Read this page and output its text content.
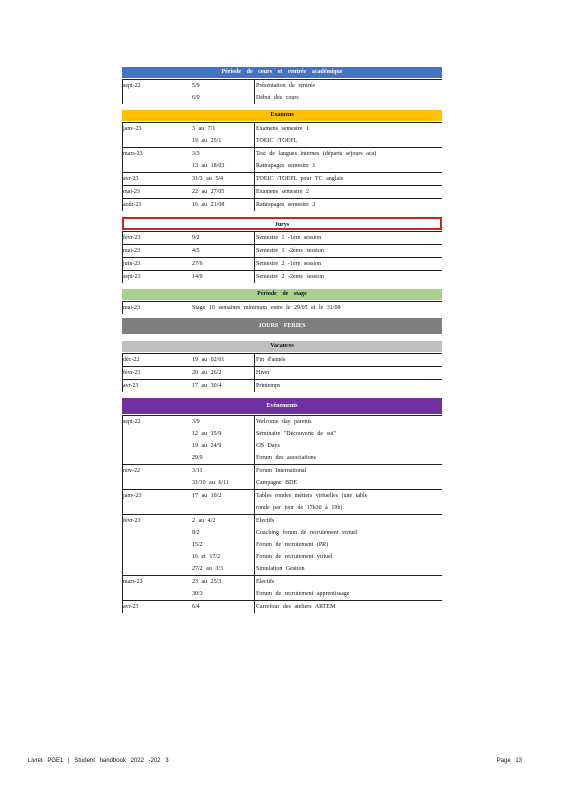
Période de cours et rentrée académique
sept-22	5/9	Présentation de rentrée
6/9	Début des cours
Examens
janv-23	3 au 7/1	Examens semestre 1
19 au 25/1	TOEIC /TOEFL
mars-23	3/3	Test de langues internes (départs séjours aca)
13 au 18/03	Rattrapages semestre 1
avr-23	31/3 au 5/4	TOEIC /TOEFL pour TC anglais
mai-23	22 au 27/05	Examens semestre 2
août-23	16 au 21/08	Rattrapages semestre 2
Jurys
févr-23	9/2	Semestre 1 -1ère session
mai-23	4/5	Semestre 1 -2ème session
juin-23	27/6	Semestre 2 -1ère session
sept-23	14/9	Semestre 2 -2ème session
Période de stage
mai-23	Stage 10 semaines minimum entre le 29/05 et le 31/08
JOURS FERIES
Vacances
déc-22	19 au 02/01	Fin d'année
févr-23	20 au 26/2	Hiver
avr-23	17 au 30/4	Printemps
Evénements
sept-22	3/9	Welcome day parents
12 au 15/9	Séminaire "Découverte de soi"
19 au 24/9	CB Days
29/9	Forum des associations
nov-22	3/11	Forum International
31/10 au 6/11	Campagne BDE
janv-23	17 au 10/2	Tables rondes métiers virtuelles (une table
ronde par jour de 17h30 à 19h)
févr-23	2 au 4/2	Electifs
8/2	Coaching forum de recrutement virtuel
15/2	Forum de recrutement (PR)
16 et 17/2	Forum de recrutement virtuel
27/2 au 3/3	Simulation Gestion
mars-23	23 au 25/3	Electifs
30/3	Forum de recrutement apprentissage
avr-23	6/4	Carrefour des ateliers ARTEM
Livret PGE1 | Student handbook 2022 -202 3	Page 13
